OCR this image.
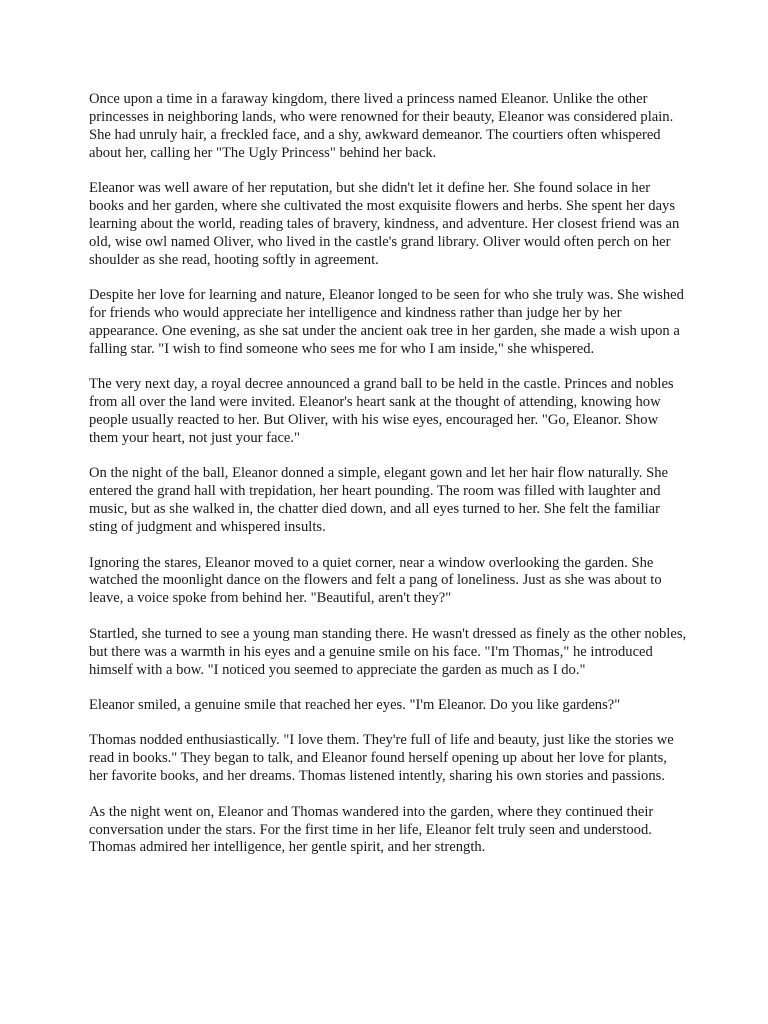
Once upon a time in a faraway kingdom, there lived a princess named Eleanor. Unlike the other princesses in neighboring lands, who were renowned for their beauty, Eleanor was considered plain. She had unruly hair, a freckled face, and a shy, awkward demeanor. The courtiers often whispered about her, calling her "The Ugly Princess" behind her back.

Eleanor was well aware of her reputation, but she didn't let it define her. She found solace in her books and her garden, where she cultivated the most exquisite flowers and herbs. She spent her days learning about the world, reading tales of bravery, kindness, and adventure. Her closest friend was an old, wise owl named Oliver, who lived in the castle's grand library. Oliver would often perch on her shoulder as she read, hooting softly in agreement.

Despite her love for learning and nature, Eleanor longed to be seen for who she truly was. She wished for friends who would appreciate her intelligence and kindness rather than judge her by her appearance. One evening, as she sat under the ancient oak tree in her garden, she made a wish upon a falling star. "I wish to find someone who sees me for who I am inside," she whispered.

The very next day, a royal decree announced a grand ball to be held in the castle. Princes and nobles from all over the land were invited. Eleanor's heart sank at the thought of attending, knowing how people usually reacted to her. But Oliver, with his wise eyes, encouraged her. "Go, Eleanor. Show them your heart, not just your face."

On the night of the ball, Eleanor donned a simple, elegant gown and let her hair flow naturally. She entered the grand hall with trepidation, her heart pounding. The room was filled with laughter and music, but as she walked in, the chatter died down, and all eyes turned to her. She felt the familiar sting of judgment and whispered insults.

Ignoring the stares, Eleanor moved to a quiet corner, near a window overlooking the garden. She watched the moonlight dance on the flowers and felt a pang of loneliness. Just as she was about to leave, a voice spoke from behind her. "Beautiful, aren't they?"

Startled, she turned to see a young man standing there. He wasn't dressed as finely as the other nobles, but there was a warmth in his eyes and a genuine smile on his face. "I'm Thomas," he introduced himself with a bow. "I noticed you seemed to appreciate the garden as much as I do."

Eleanor smiled, a genuine smile that reached her eyes. "I'm Eleanor. Do you like gardens?"

Thomas nodded enthusiastically. "I love them. They're full of life and beauty, just like the stories we read in books." They began to talk, and Eleanor found herself opening up about her love for plants, her favorite books, and her dreams. Thomas listened intently, sharing his own stories and passions.

As the night went on, Eleanor and Thomas wandered into the garden, where they continued their conversation under the stars. For the first time in her life, Eleanor felt truly seen and understood. Thomas admired her intelligence, her gentle spirit, and her strength.
